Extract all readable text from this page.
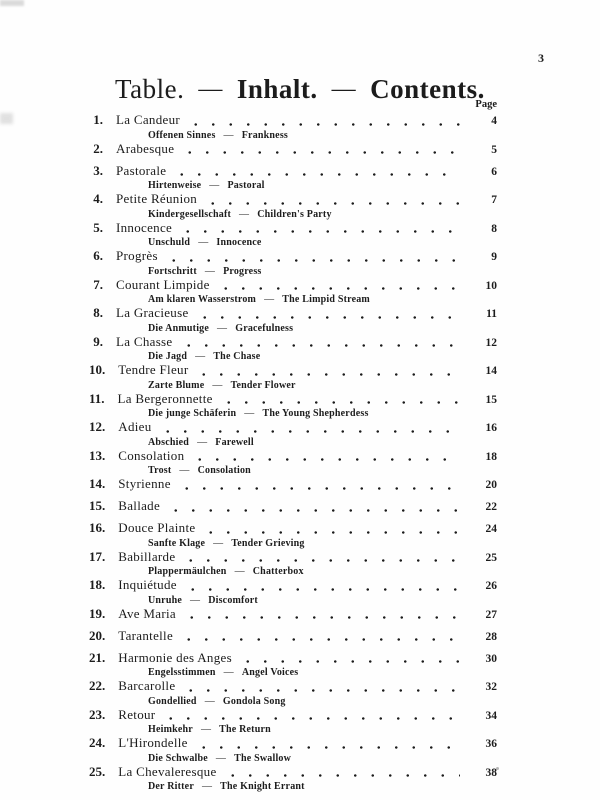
3
Table. — Inhalt. — Contents.
Page
1. La Candeur	4
Offenen Sinnes — Frankness
2. Arabesque	5
3. Pastorale	6
Hirtenweise — Pastoral
4. Petite Réunion	7
Kindergesellschaft — Children's Party
5. Innocence	8
Unschuld — Innocence
6. Progrès	9
Fortschritt — Progress
7. Courant Limpide	10
Am klaren Wasserstrom — The Limpid Stream
8. La Gracieuse	11
Die Anmutige — Gracefulness
9. La Chasse	12
Die Jagd — The Chase
10. Tendre Fleur	14
Zarte Blume — Tender Flower
11. La Bergeronnette	15
Die junge Schäferin — The Young Shepherdess
12. Adieu	16
Abschied — Farewell
13. Consolation	18
Trost — Consolation
14. Styrienne	20
15. Ballade	22
16. Douce Plainte	24
Sanfte Klage — Tender Grieving
17. Babillarde	25
Plappermäulchen — Chatterbox
18. Inquiétude	26
Unruhe — Discomfort
19. Ave Maria	27
20. Tarantelle	28
21. Harmonie des Anges	30
Engelsstimmen — Angel Voices
22. Barcarolle	32
Gondellied — Gondola Song
23. Retour	34
Heimkehr — The Return
24. L'Hirondelle	36
Die Schwalbe — The Swallow
25. La Chevaleresque	38
Der Ritter — The Knight Errant
